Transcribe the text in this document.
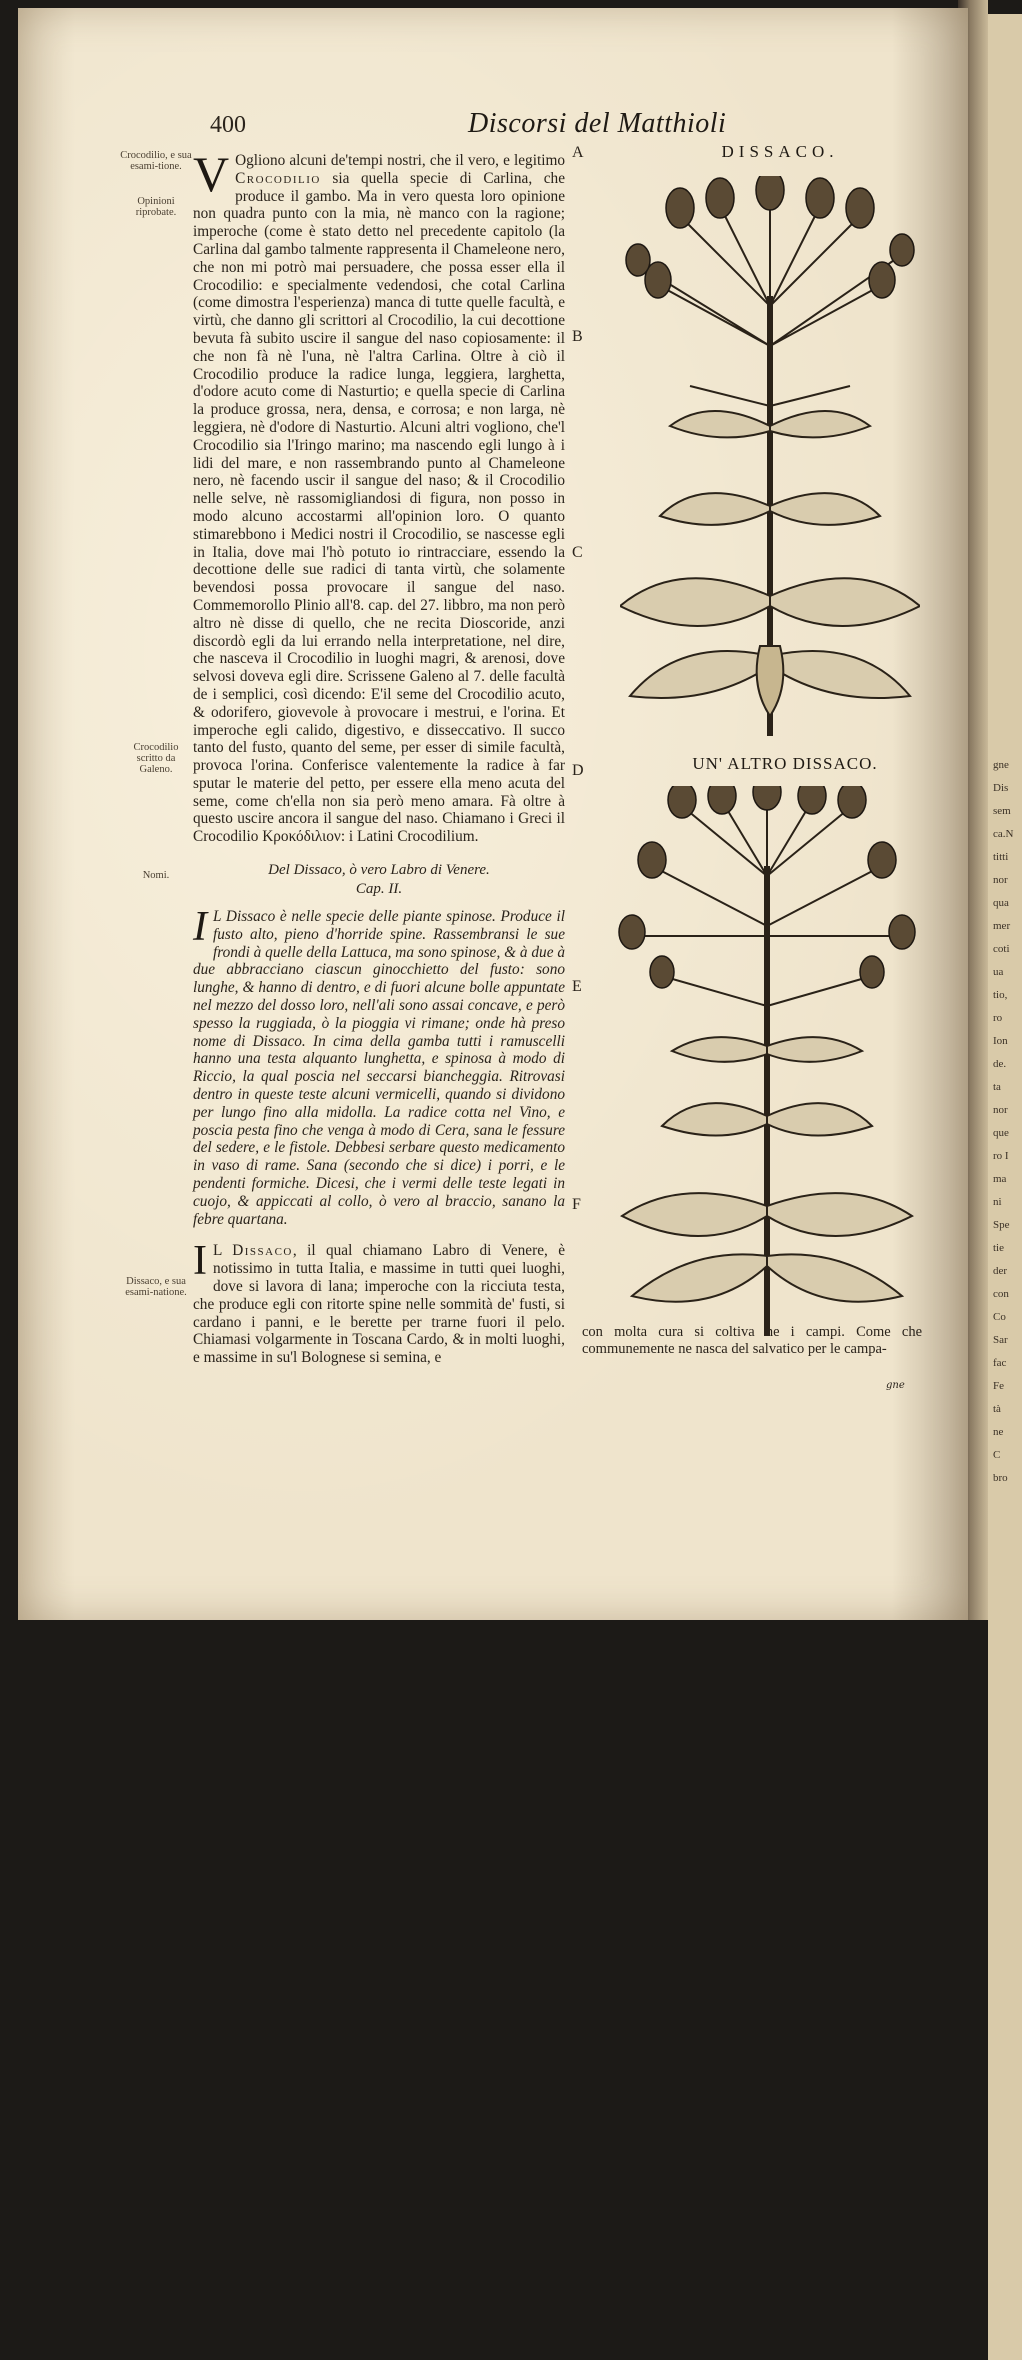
gne
Dis
sem
ca.N
titti
nor
qua
mer
coti
ua
tio,
ro
Ion
de.
ta
nor
que
ro I
ma
ni
Spe
tie
der
con
Co
Sar
fac
Fe
tà
ne
C
bro
400	Discorsi del Matthioli
Crocodilio, e sua esami-tione.
Opinioni riprobate.
Crocodilio scritto da Galeno.
Nomi.
Dissaco, e sua esami-natione.
A
B
C
D
E
F

V Ogliono alcuni de'tempi nostri, che il vero, e legitimo Crocodilio sia quella specie di Carlina, che produce il gambo. Ma in vero questa loro opinione non quadra punto con la mia, nè manco con la ragione; imperoche (come è stato detto nel precedente capitolo (la Carlina dal gambo talmente rappresenta il Chameleone nero, che non mi potrò mai persuadere, che possa esser ella il Crocodilio: e specialmente vedendosi, che cotal Carlina (come dimostra l'esperienza) manca di tutte quelle facultà, e virtù, che danno gli scrittori al Crocodilio, la cui decottione bevuta fà subito uscire il sangue del naso copiosamente: il che non fà nè l'una, nè l'altra Carlina. Oltre à ciò il Crocodilio produce la radice lunga, leggiera, larghetta, d'odore acuto come di Nasturtio; e quella specie di Carlina la produce grossa, nera, densa, e corrosa; e non larga, nè leggiera, nè d'odore di Nasturtio. Alcuni altri vogliono, che'l Crocodilio sia l'Iringo marino; ma nascendo egli lungo à i lidi del mare, e non rassembrando punto al Chameleone nero, nè facendo uscir il sangue del naso; & il Crocodilio nelle selve, nè rassomigliandosi di figura, non posso in modo alcuno accostarmi all'opinion loro. O quanto stimarebbono i Medici nostri il Crocodilio, se nascesse egli in Italia, dove mai l'hò potuto io rintracciare, essendo la decottione delle sue radici di tanta virtù, che solamente bevendosi possa provocare il sangue del naso. Commemorollo Plinio all'8. cap. del 27. libbro, ma non però altro nè disse di quello, che ne recita Dioscoride, anzi discordò egli da lui errando nella interpretatione, nel dire, che nasceva il Crocodilio in luoghi magri, & arenosi, dove selvosi doveva egli dire. Scrissene Galeno al 7. delle facultà de i semplici, così dicendo: E'il seme del Crocodilio acuto, & odorifero, giovevole à provocare i mestrui, e l'orina. Et imperoche egli calido, digestivo, e disseccativo. Il succo tanto del fusto, quanto del seme, per esser di simile facultà, provoca l'orina. Conferisce valentemente la radice à far sputar le materie del petto, per essere ella meno acuta del seme, come ch'ella non sia però meno amara. Fà oltre à questo uscire ancora il sangue del naso. Chiamano i Greci il Crocodilio Κροκόδιλιον: i Latini Crocodilium.

Del Dissaco, ò vero Labro di Venere.
Cap. II.

I L Dissaco è nelle specie delle piante spinose. Produce il fusto alto, pieno d'horride spine. Rassembransi le sue frondi à quelle della Lattuca, ma sono spinose, & à due à due abbracciano ciascun ginocchietto del fusto: sono lunghe, & hanno di dentro, e di fuori alcune bolle appuntate nel mezzo del dosso loro, nell'ali sono assai concave, e però spesso la ruggiada, ò la pioggia vi rimane; onde hà preso nome di Dissaco. In cima della gamba tutti i ramuscelli hanno una testa alquanto lunghetta, e spinosa à modo di Riccio, la qual poscia nel seccarsi biancheggia. Ritrovasi dentro in queste teste alcuni vermicelli, quando si dividono per lungo fino alla midolla. La radice cotta nel Vino, e poscia pesta fino che venga à modo di Cera, sana le fessure del sedere, e le fistole. Debbesi serbare questo medicamento in vaso di rame. Sana (secondo che si dice) i porri, e le pendenti formiche. Dicesi, che i vermi delle teste legati in cuojo, & appiccati al collo, ò vero al braccio, sanano la febre quartana.

I L Dissaco, il qual chiamano Labro di Venere, è notissimo in tutta Italia, e massime in tutti quei luoghi, dove si lavora di lana; imperoche con la ricciuta testa, che produce egli con ritorte spine nelle sommità de' fusti, si cardano i panni, e le berette per trarne fuori il pelo. Chiamasi volgarmente in Toscana Cardo, & in molti luoghi, e massime in su'l Bolognese si semina, e

DISSACO.
UN' ALTRO DISSACO.

con molta cura si coltiva ne i campi. Come che communemente ne nasca del salvatico per le campa-

gne
